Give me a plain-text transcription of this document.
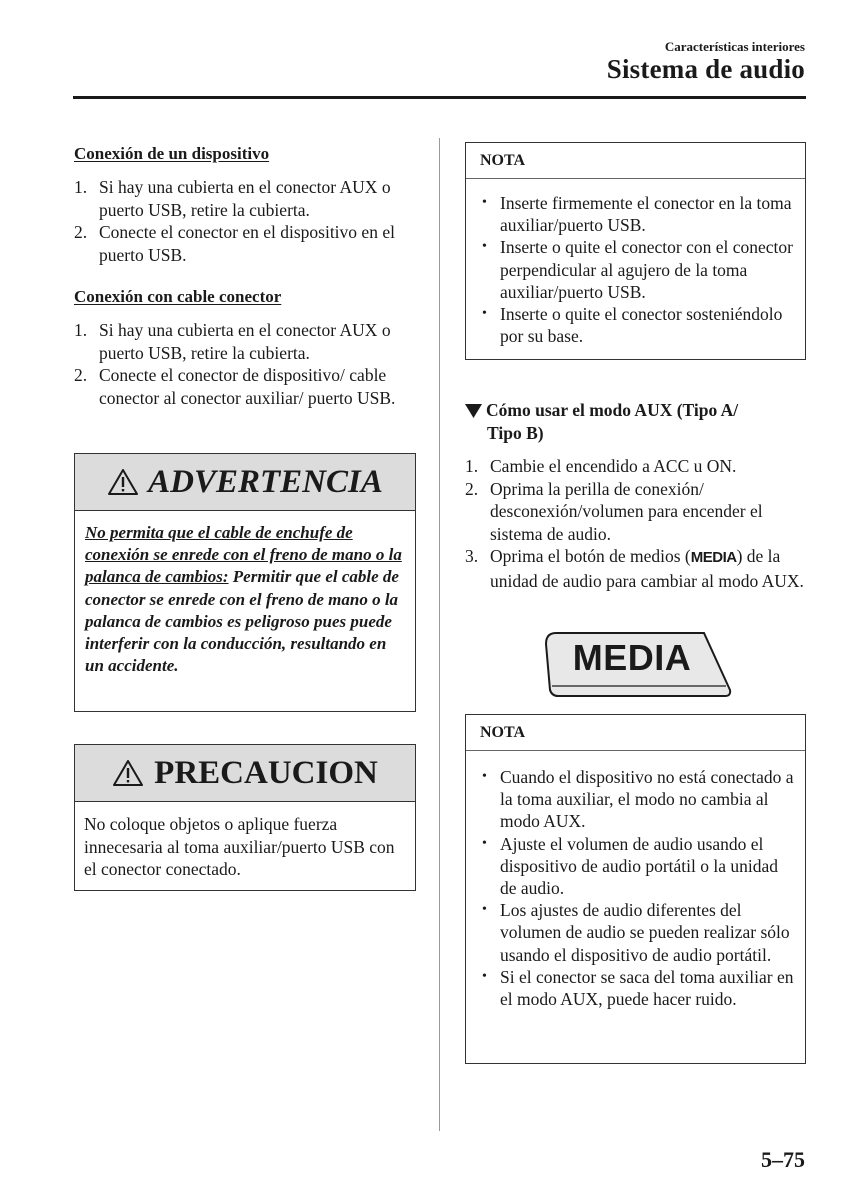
Características interiores
Sistema de audio
Conexión de un dispositivo
1. Si hay una cubierta en el conector AUX o puerto USB, retire la cubierta.
2. Conecte el conector en el dispositivo en el puerto USB.
Conexión con cable conector
1. Si hay una cubierta en el conector AUX o puerto USB, retire la cubierta.
2. Conecte el conector de dispositivo/ cable conector al conector auxiliar/ puerto USB.
ADVERTENCIA
No permita que el cable de enchufe de conexión se enrede con el freno de mano o la palanca de cambios: Permitir que el cable de conector se enrede con el freno de mano o la palanca de cambios es peligroso pues puede interferir con la conducción, resultando en un accidente.
PRECAUCION
No coloque objetos o aplique fuerza innecesaria al toma auxiliar/puerto USB con el conector conectado.
NOTA
• Inserte firmemente el conector en la toma auxiliar/puerto USB.
• Inserte o quite el conector con el conector perpendicular al agujero de la toma auxiliar/puerto USB.
• Inserte o quite el conector sosteniéndolo por su base.
Cómo usar el modo AUX (Tipo A/
Tipo B)
1. Cambie el encendido a ACC u ON.
2. Oprima la perilla de conexión/ desconexión/volumen para encender el sistema de audio.
3. Oprima el botón de medios (MEDIA) de la unidad de audio para cambiar al modo AUX.
MEDIA
NOTA
• Cuando el dispositivo no está conectado a la toma auxiliar, el modo no cambia al modo AUX.
• Ajuste el volumen de audio usando el dispositivo de audio portátil o la unidad de audio.
• Los ajustes de audio diferentes del volumen de audio se pueden realizar sólo usando el dispositivo de audio portátil.
• Si el conector se saca del toma auxiliar en el modo AUX, puede hacer ruido.
5–75
